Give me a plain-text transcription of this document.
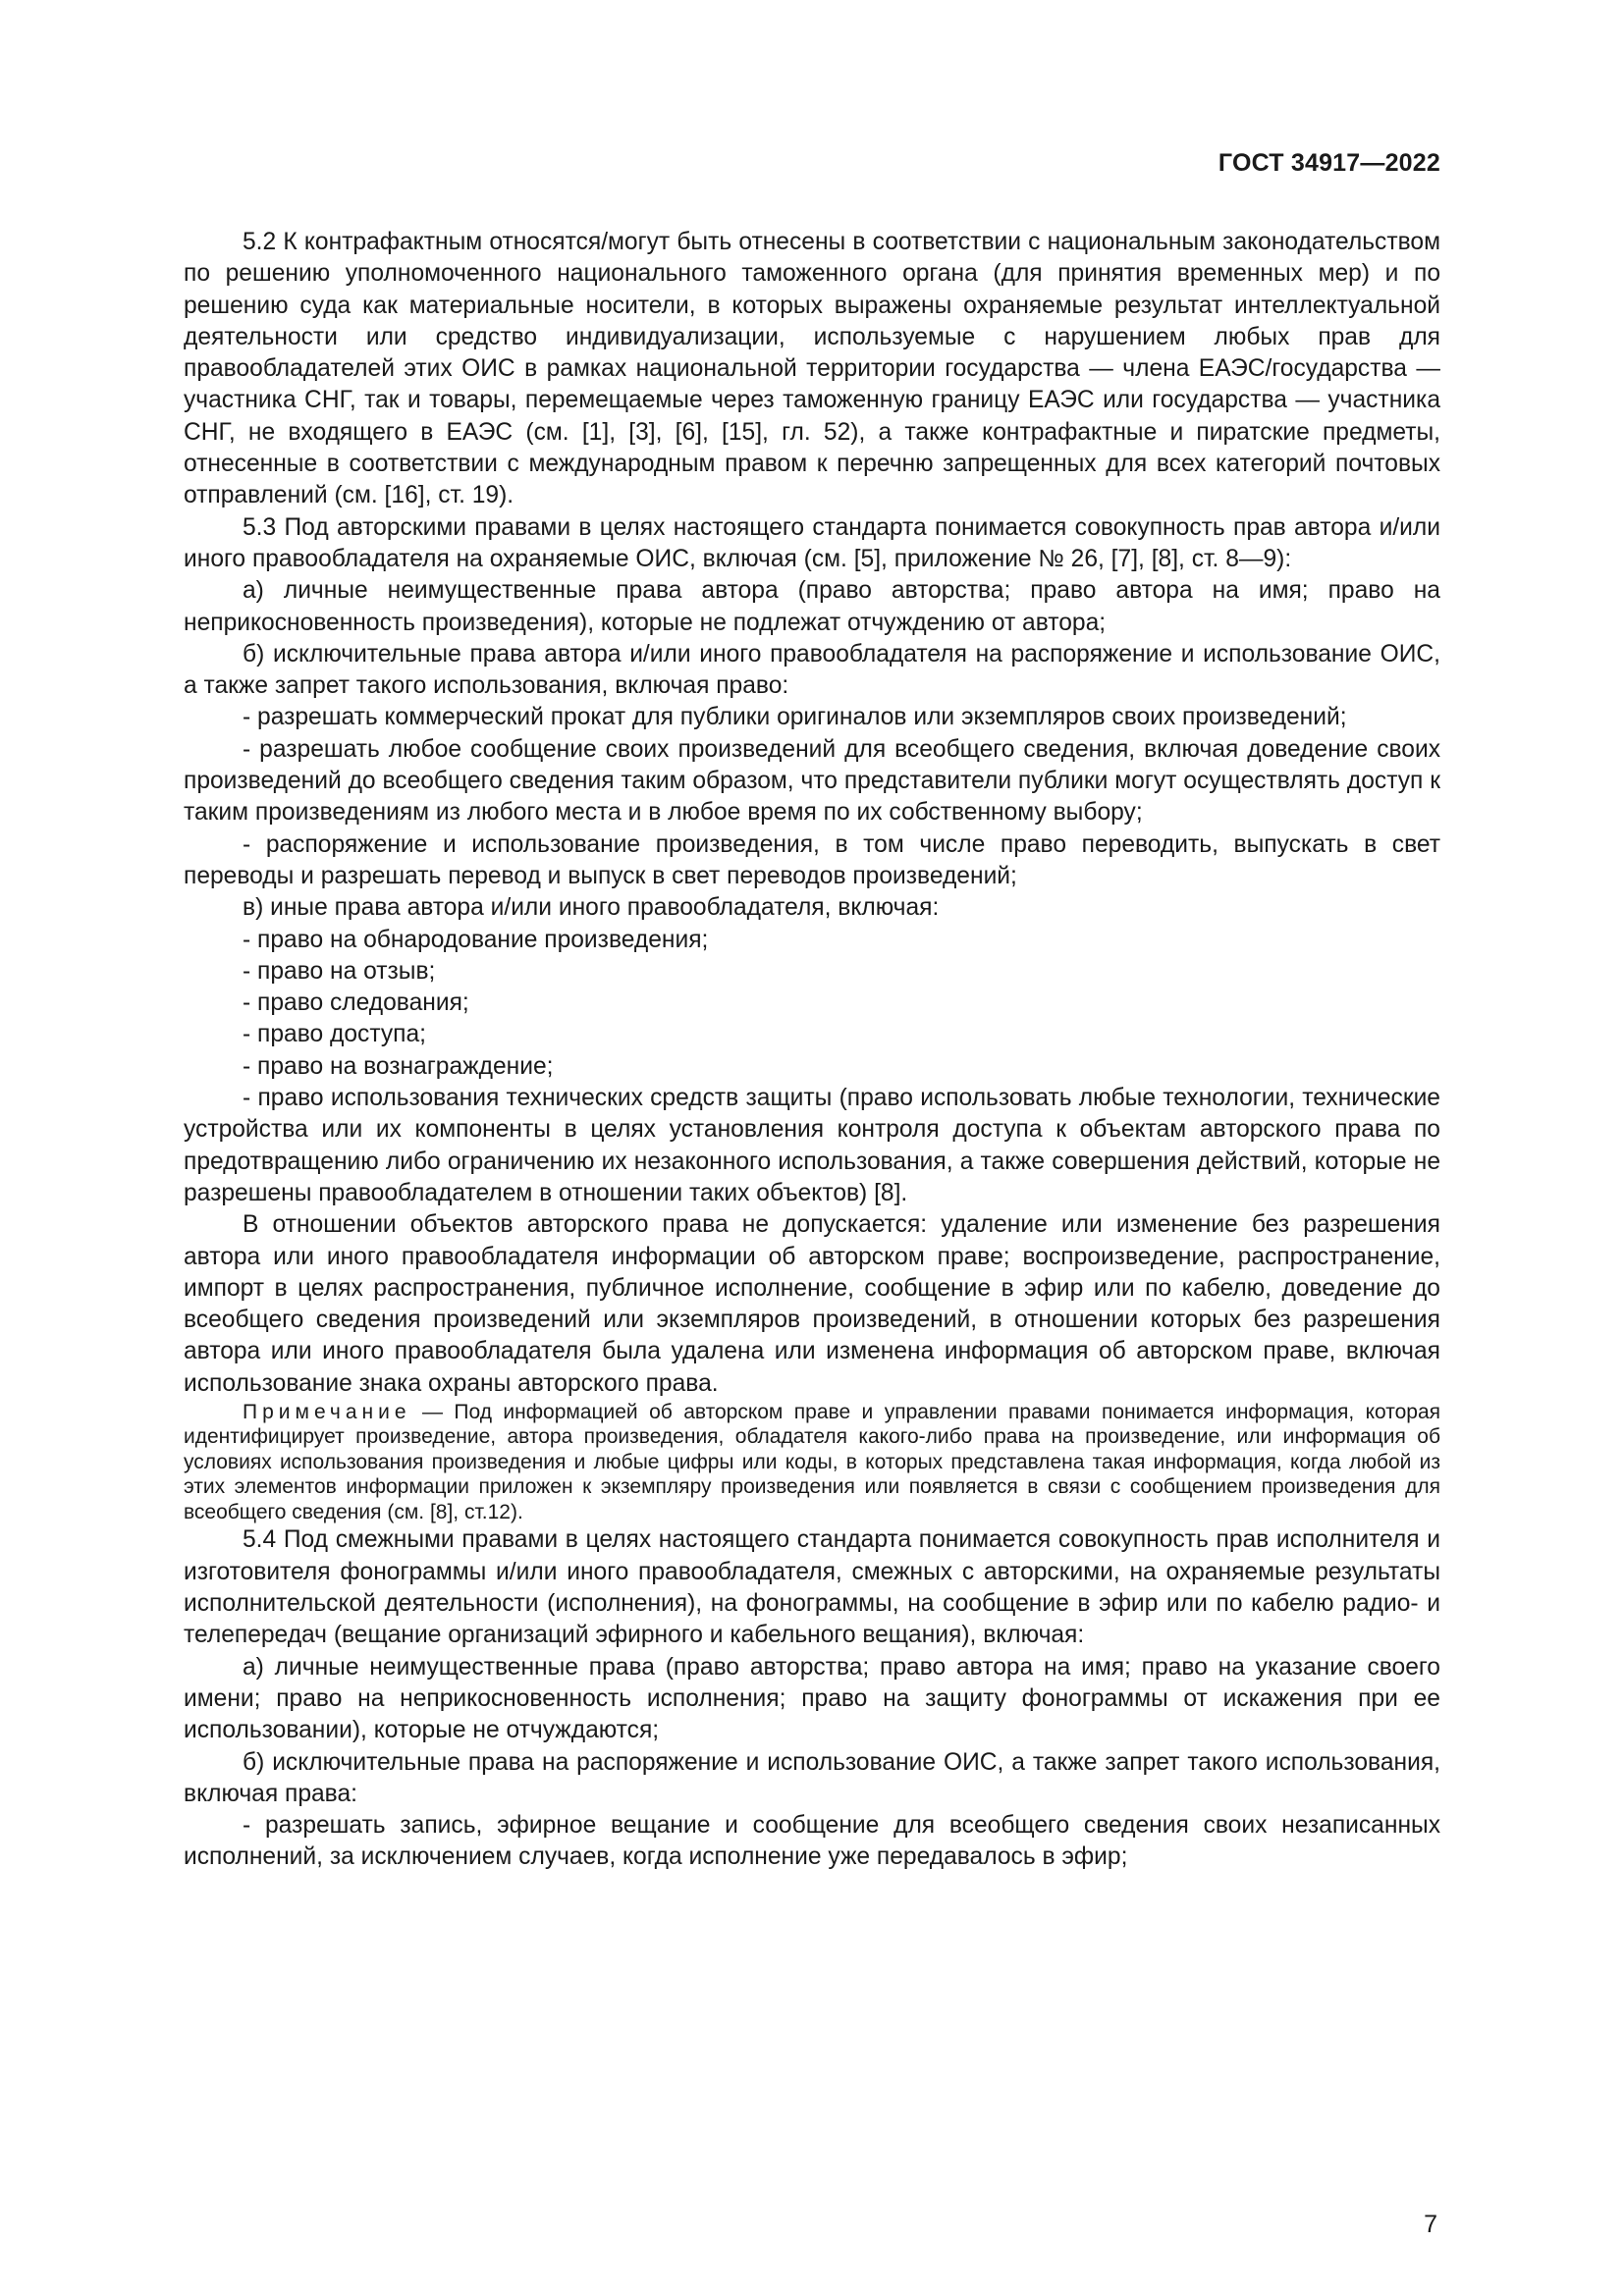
ГОСТ 34917—2022

5.2 К контрафактным относятся/могут быть отнесены в соответствии с национальным законодательством по решению уполномоченного национального таможенного органа (для принятия временных мер) и по решению суда как материальные носители, в которых выражены охраняемые результат интеллектуальной деятельности или средство индивидуализации, используемые с нарушением любых прав для правообладателей этих ОИС в рамках национальной территории государства — члена ЕАЭС/государства — участника СНГ, так и товары, перемещаемые через таможенную границу ЕАЭС или государства — участника СНГ, не входящего в ЕАЭС (см. [1], [3], [6], [15], гл. 52), а также контрафактные и пиратские предметы, отнесенные в соответствии с международным правом к перечню запрещенных для всех категорий почтовых отправлений (см. [16], ст. 19).

5.3 Под авторскими правами в целях настоящего стандарта понимается совокупность прав автора и/или иного правообладателя на охраняемые ОИС, включая (см. [5], приложение № 26, [7], [8], ст. 8—9):

а) личные неимущественные права автора (право авторства; право автора на имя; право на неприкосновенность произведения), которые не подлежат отчуждению от автора;

б) исключительные права автора и/или иного правообладателя на распоряжение и использование ОИС, а также запрет такого использования, включая право:

- разрешать коммерческий прокат для публики оригиналов или экземпляров своих произведений;

- разрешать любое сообщение своих произведений для всеобщего сведения, включая доведение своих произведений до всеобщего сведения таким образом, что представители публики могут осуществлять доступ к таким произведениям из любого места и в любое время по их собственному выбору;

- распоряжение и использование произведения, в том числе право переводить, выпускать в свет переводы и разрешать перевод и выпуск в свет переводов произведений;

в) иные права автора и/или иного правообладателя, включая:

- право на обнародование произведения;

- право на отзыв;

- право следования;

- право доступа;

- право на вознаграждение;

- право использования технических средств защиты (право использовать любые технологии, технические устройства или их компоненты в целях установления контроля доступа к объектам авторского права по предотвращению либо ограничению их незаконного использования, а также совершения действий, которые не разрешены правообладателем в отношении таких объектов) [8].

В отношении объектов авторского права не допускается: удаление или изменение без разрешения автора или иного правообладателя информации об авторском праве; воспроизведение, распространение, импорт в целях распространения, публичное исполнение, сообщение в эфир или по кабелю, доведение до всеобщего сведения произведений или экземпляров произведений, в отношении которых без разрешения автора или иного правообладателя была удалена или изменена информация об авторском праве, включая использование знака охраны авторского права.

Примечание — Под информацией об авторском праве и управлении правами понимается информация, которая идентифицирует произведение, автора произведения, обладателя какого-либо права на произведение, или информация об условиях использования произведения и любые цифры или коды, в которых представлена такая информация, когда любой из этих элементов информации приложен к экземпляру произведения или появляется в связи с сообщением произведения для всеобщего сведения (см. [8], ст.12).

5.4 Под смежными правами в целях настоящего стандарта понимается совокупность прав исполнителя и изготовителя фонограммы и/или иного правообладателя, смежных с авторскими, на охраняемые результаты исполнительской деятельности (исполнения), на фонограммы, на сообщение в эфир или по кабелю радио- и телепередач (вещание организаций эфирного и кабельного вещания), включая:

а) личные неимущественные права (право авторства; право автора на имя; право на указание своего имени; право на неприкосновенность исполнения; право на защиту фонограммы от искажения при ее использовании), которые не отчуждаются;

б) исключительные права на распоряжение и использование ОИС, а также запрет такого использования, включая права:

- разрешать запись, эфирное вещание и сообщение для всеобщего сведения своих незаписанных исполнений, за исключением случаев, когда исполнение уже передавалось в эфир;

7
